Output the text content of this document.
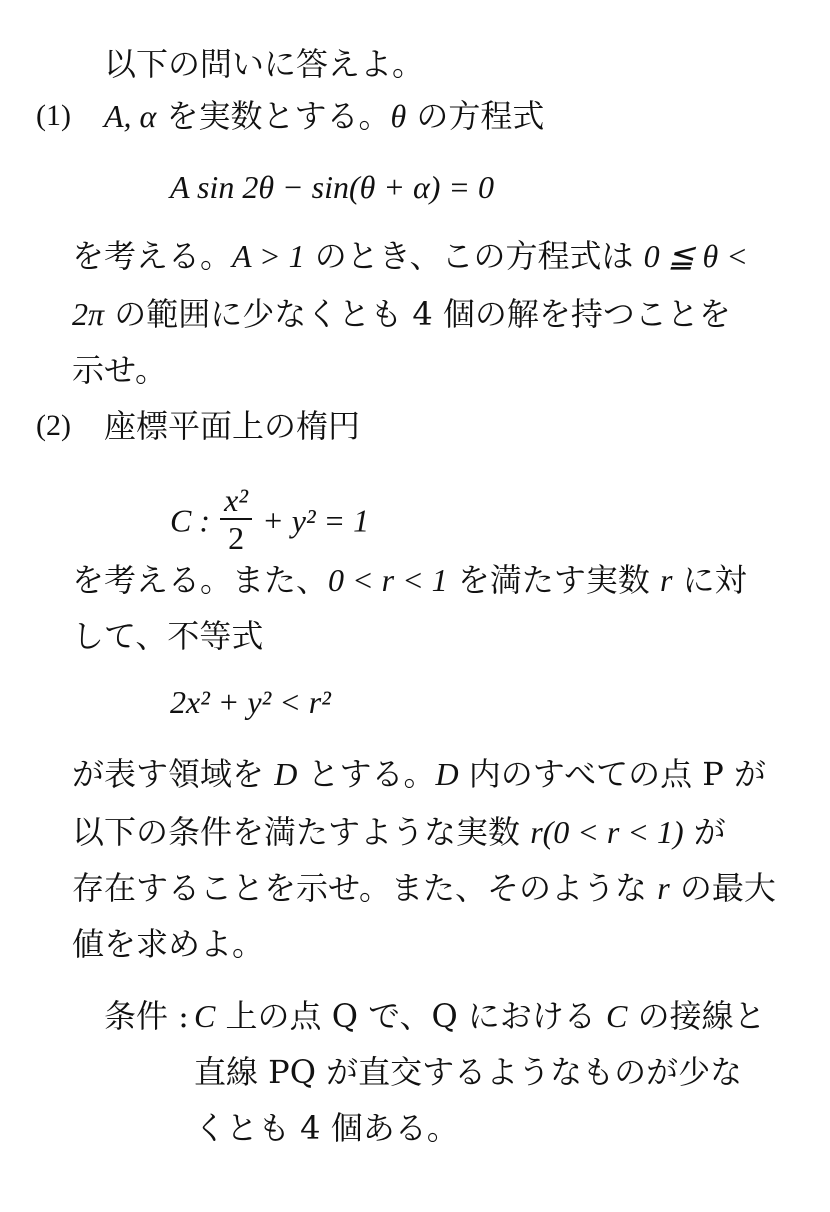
以下の問いに答えよ。
(1) A, α を実数とする。θ の方程式
A sin 2θ − sin(θ + α) = 0
を考える。A > 1 のとき、この方程式は 0 ≦ θ <
2π の範囲に少なくとも 4 個の解を持つことを
示せ。
(2) 座標平面上の楕円
C : $\frac{\text{x²}}{2} + y^2 = 1$
を考える。また、0 < r < 1 を満たす実数 r に対
して、不等式
2x² + y² < r²
が表す領域を D とする。D 内のすべての点 P が
以下の条件を満たすような実数 r(0 < r < 1) が
存在することを示せ。また、そのような r の最大
値を求めよ。
条件 : C 上の点 Q で、Q における C の接線と
直線 PQ が直交するようなものが少な
くとも 4 個ある。
